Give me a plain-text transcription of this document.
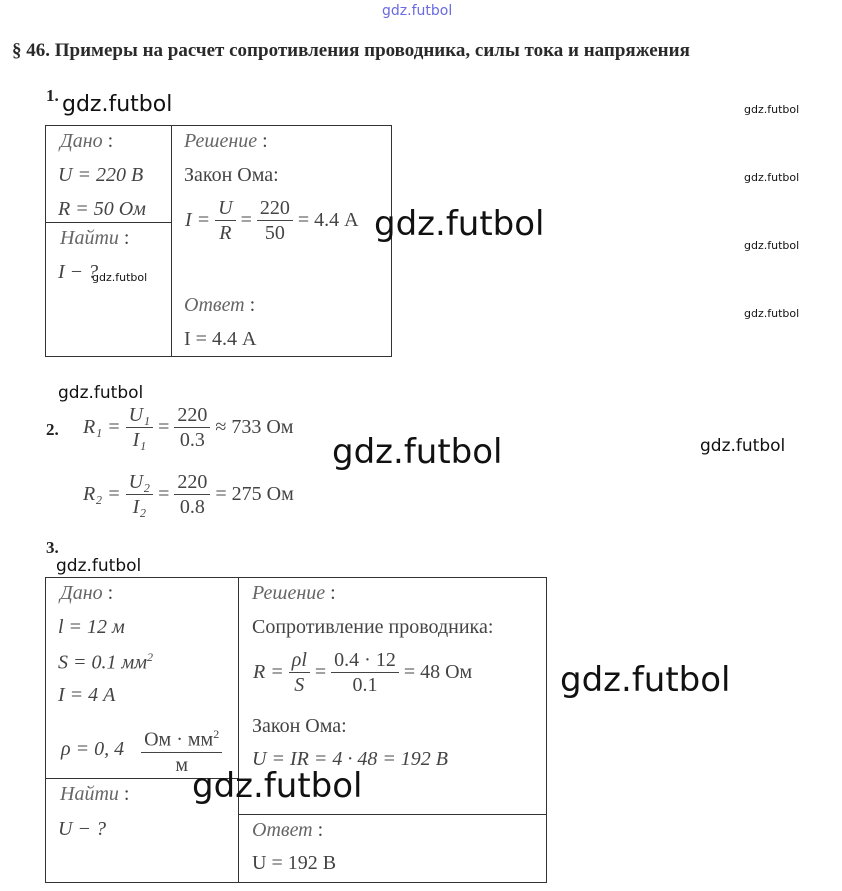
gdz.futbol
§ 46. Примеры на расчет сопротивления проводника, силы тока и напряжения
1. gdz.futbol
Дано :
U = 220 В
R = 50 Ом
Найти :
I − ?
Решение :
Закон Ома:
$I = \frac{U}{R} = \frac{220}{50} = 4.4$ А
Ответ :
I = 4.4 А
gdz.futbol
gdz.futbol
gdz.futbol
gdz.futbol
gdz.futbol
gdz.futbol
gdz.futbol
2. $R_1 = \frac{\text{U₁}}{\text{I₁}} = \frac{220}{0.3} \approx 733$ Ом
$R_2 = \frac{\text{U₂}}{\text{I₂}} = \frac{220}{0.8} = 275$ Ом
gdz.futbol	gdz.futbol
3.
gdz.futbol
Дано :
l = 12 м
S = 0.1 $мм^2$
I = 4 А
ρ = 0, $4 \frac{Ом \cdot мм^2}{м}$
Найти :
U − ?
Решение :
Сопротивление проводника:
$R = \frac{\rho l}{S} = \frac{0.4 \cdot 12}{0.1} = 48$ Ом
Закон Ома:
U = IR = 4 · 48 = 192 В
Ответ :
U = 192 В
gdz.futbol
gdz.futbol
